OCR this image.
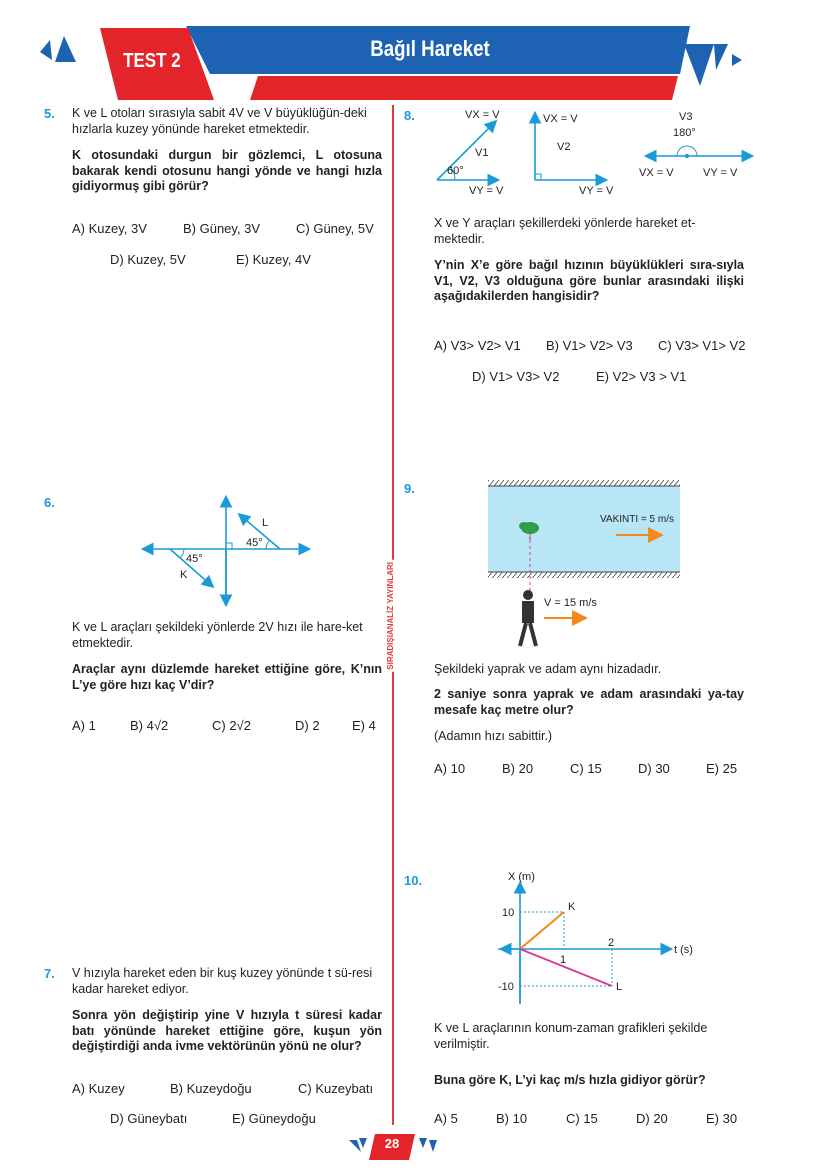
TEST 2	Bağıl Hareket
SIRADIŞIANALİZ YAYINLARI
5. K ve L otoları sırasıyla sabit 4V ve V büyüklüğün-deki hızlarla kuzey yönünde hareket etmektedir.
K otosundaki durgun bir gözlemci, L otosuna bakarak kendi otosunu hangi yönde ve hangi hızla gidiyormuş gibi görür?
A) Kuzey, 3V	B) Güney, 3V	C) Güney, 5V
D) Kuzey, 5V	E) Kuzey, 4V
6.
L
45°
45°
K
K ve L araçları şekildeki yönlerde 2V hızı ile hare-ket etmektedir.
Araçlar aynı düzlemde hareket ettiğine göre, K’nın L’ye göre hızı kaç V’dir?
A) 1	B) 4√2	C) 2√2	D) 2 E) 4
7. V hızıyla hareket eden bir kuş kuzey yönünde t sü-resi kadar hareket ediyor.
Sonra yön değiştirip yine V hızıyla t süresi kadar batı yönünde hareket ettiğine göre, kuşun yön değiştirdiği anda ivme vektörünün yönü ne olur?
A) Kuzey	B) Kuzeydoğu	C) Kuzeybatı
D) Güneybatı	E) Güneydoğu
8.	VX = V
V1
60°
VY = V
VX = V
V2
VY = V
V3
180°
VX = V	VY = V
X ve Y araçları şekillerdeki yönlerde hareket et-mektedir.
Y’nin X’e göre bağıl hızının büyüklükleri sıra-sıyla V1, V2, V3 olduğuna göre bunlar arasındaki ilişki aşağıdakilerden hangisidir?
A) V3> V2> V1 B) V1> V2> V3 C) V3> V1> V2
D) V1> V3> V2	E) V2> V3 > V1
9.
VAKINTI = 5 m/s
V = 15 m/s
Şekildeki yaprak ve adam aynı hizadadır.
2 saniye sonra yaprak ve adam arasındaki ya-tay mesafe kaç metre olur?
(Adamın hızı sabittir.)
A) 10	B) 20	C) 15	D) 30	E) 25
10.	X (m)
t (s)
10
-10
1
2
K
L
K ve L araçlarının konum-zaman grafikleri şekilde verilmiştir.
Buna göre K, L’yi kaç m/s hızla gidiyor görür?
A) 5	B) 10	C) 15	D) 20	E) 30
28
